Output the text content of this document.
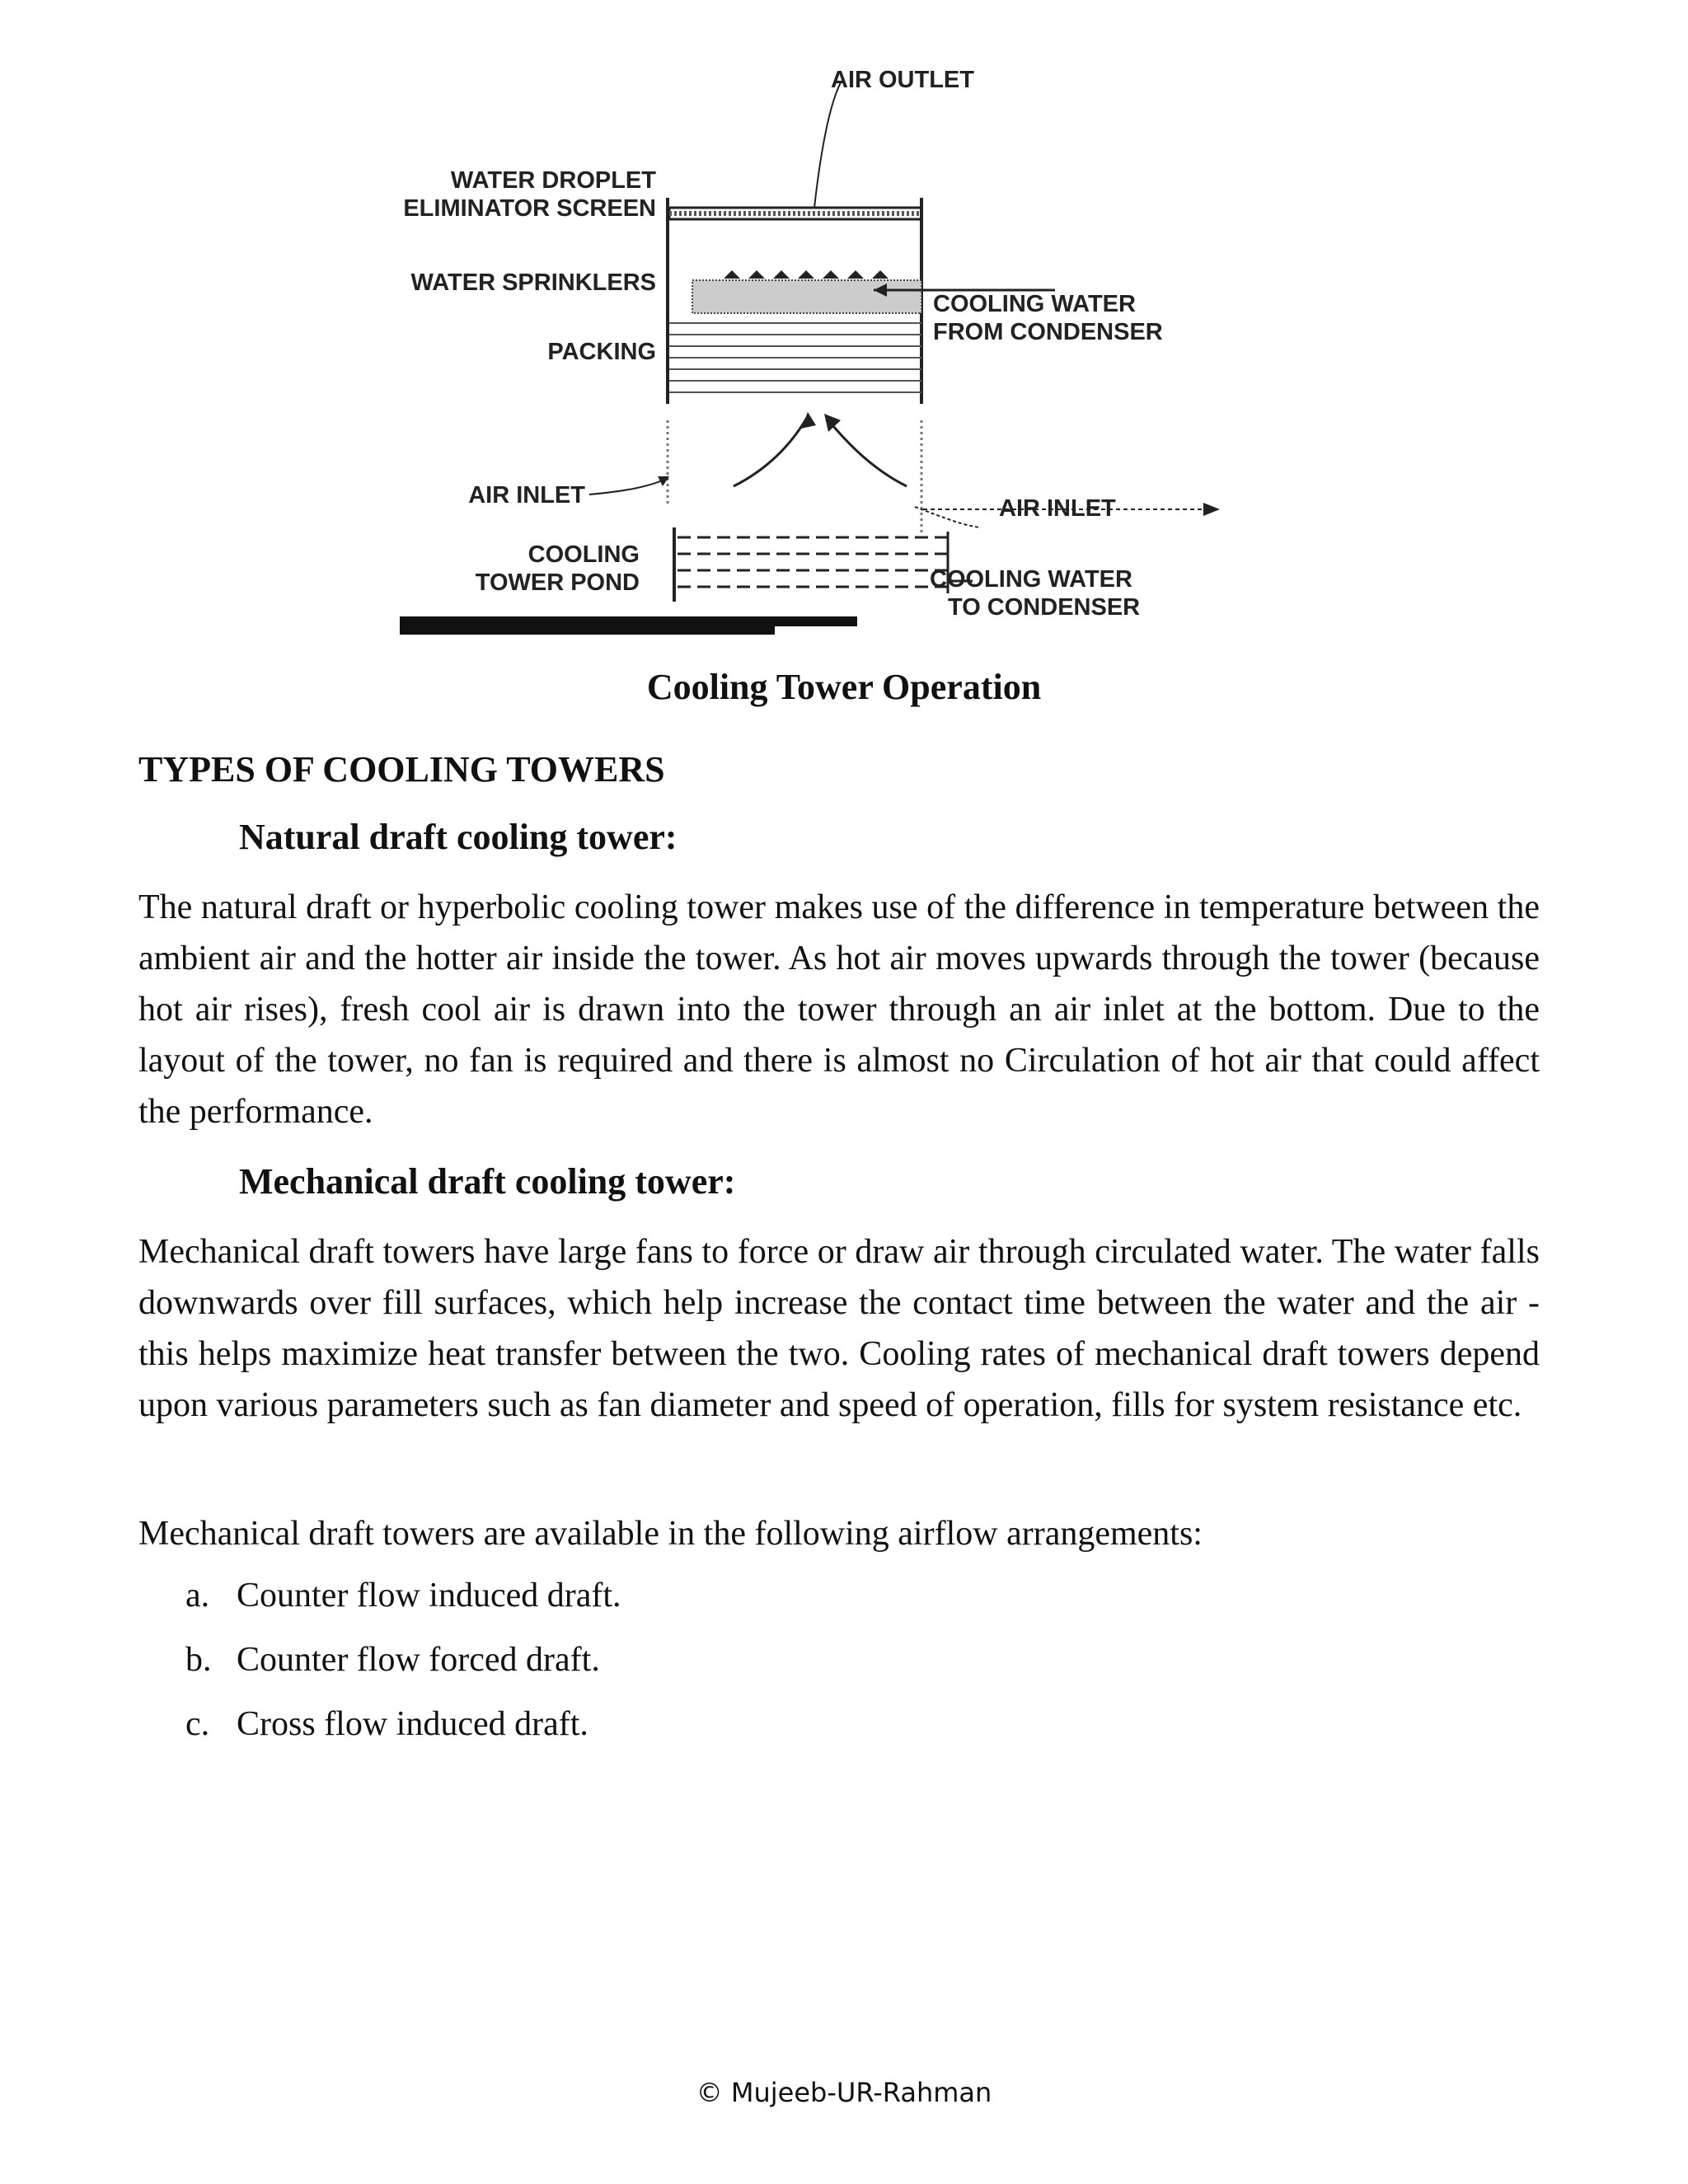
AIR OUTLET
WATER DROPLET
ELIMINATOR SCREEN
WATER SPRINKLERS
COOLING WATER
FROM CONDENSER
PACKING
AIR INLET	AIR INLET
COOLING
TOWER POND	COOLING WATER
TO CONDENSER
Cooling Tower Operation
TYPES OF COOLING TOWERS
Natural draft cooling tower:

The natural draft or hyperbolic cooling tower makes use of the difference in temperature between the ambient air and the hotter air inside the tower. As hot air moves upwards through the tower (because hot air rises), fresh cool air is drawn into the tower through an air inlet at the bottom. Due to the layout of the tower, no fan is required and there is almost no Circulation of hot air that could affect the performance.

Mechanical draft cooling tower:

Mechanical draft towers have large fans to force or draw air through circulated water. The water falls downwards over fill surfaces, which help increase the contact time between the water and the air - this helps maximize heat transfer between the two. Cooling rates of mechanical draft towers depend upon various parameters such as fan diameter and speed of operation, fills for system resistance etc.

Mechanical draft towers are available in the following airflow arrangements:

a. Counter flow induced draft.
b. Counter flow forced draft.
c. Cross flow induced draft.
© Mujeeb-UR-Rahman
